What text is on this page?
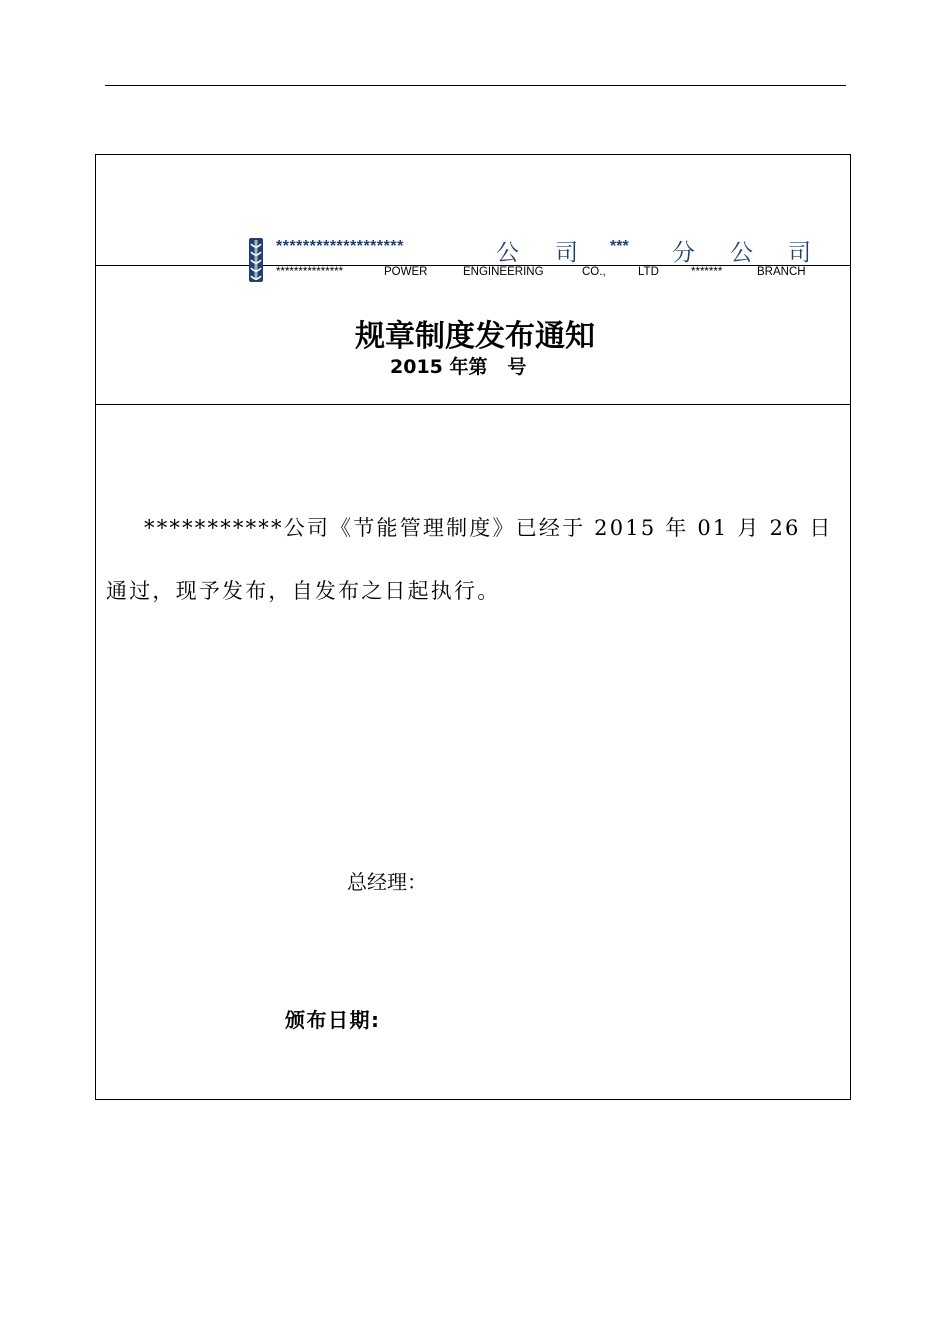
*******************	公 司 *** 分 公 司
***************	POWER	ENGINEERING	CO.,	LTD	*******	BRANCH
规章制度发布通知
2015 年第   号
***********公司《节能管理制度》已经于 2015 年 01 月 26 日通过，现予发布，自发布之日起执行。
总经理：
颁布日期:
